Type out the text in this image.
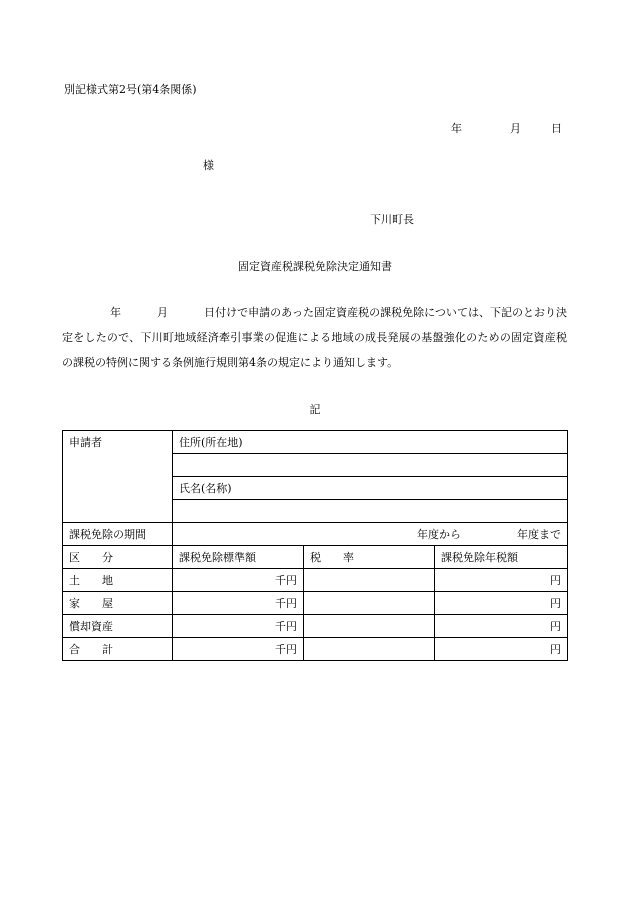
別記様式第2号(第4条関係)
年	月	日
様
下川町長
固定資産税課税免除決定通知書
年	月	日付けで申請のあった固定資産税の課税免除については、下記のとおり決定をしたので、下川町地域経済牽引事業の促進による地域の成長発展の基盤強化のための固定資産税の課税の特例に関する条例施行規則第4条の規定により通知します。
記
申請者	住所(所在地)		

	氏名(名称)		

課税免除の期間	年度から 年度まで		
区　　分	課税免除標準額	税　　率	課税免除年税額
土　　地	千円		円
家　　屋	千円		円
償却資産	千円		円
合　　計	千円		円
